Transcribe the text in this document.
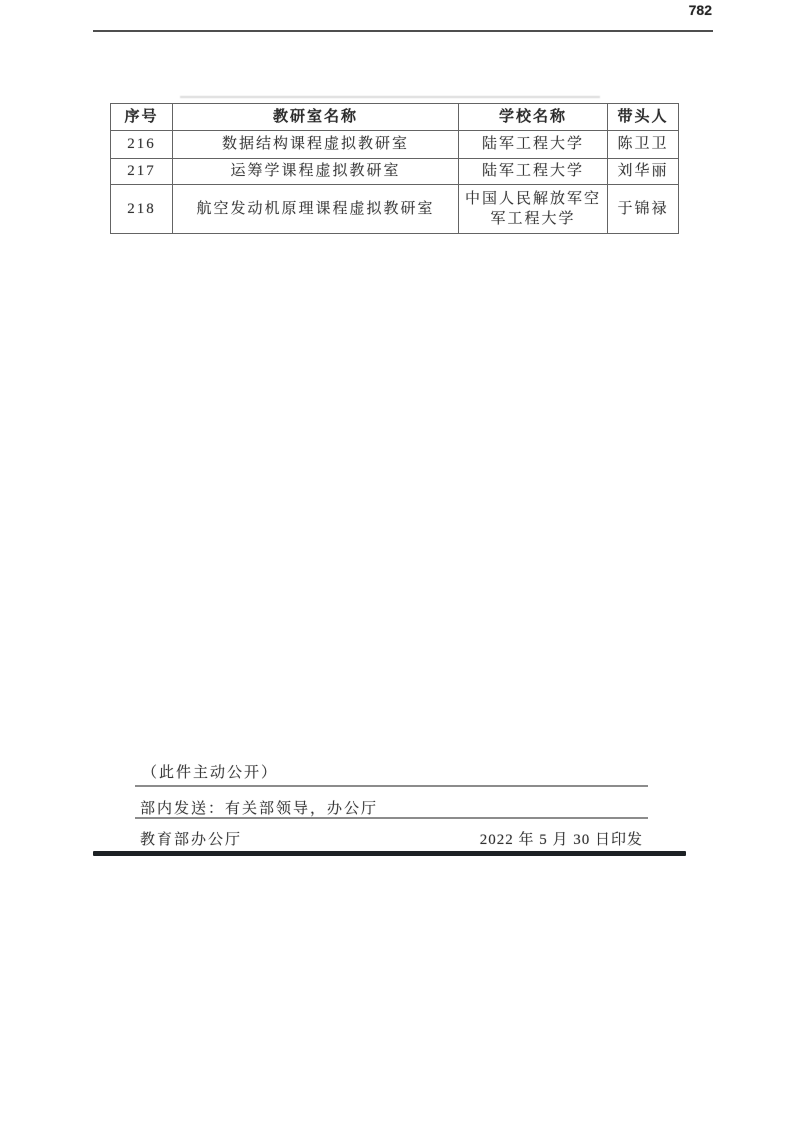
782
序号	教研室名称	学校名称	带头人
216	数据结构课程虚拟教研室	陆军工程大学	陈卫卫
217	运筹学课程虚拟教研室	陆军工程大学	刘华丽
218	航空发动机原理课程虚拟教研室	中国人民解放军空军工程大学	于锦禄
（此件主动公开）
部内发送：有关部领导，办公厅
教育部办公厅	2022 年 5 月 30 日印发
